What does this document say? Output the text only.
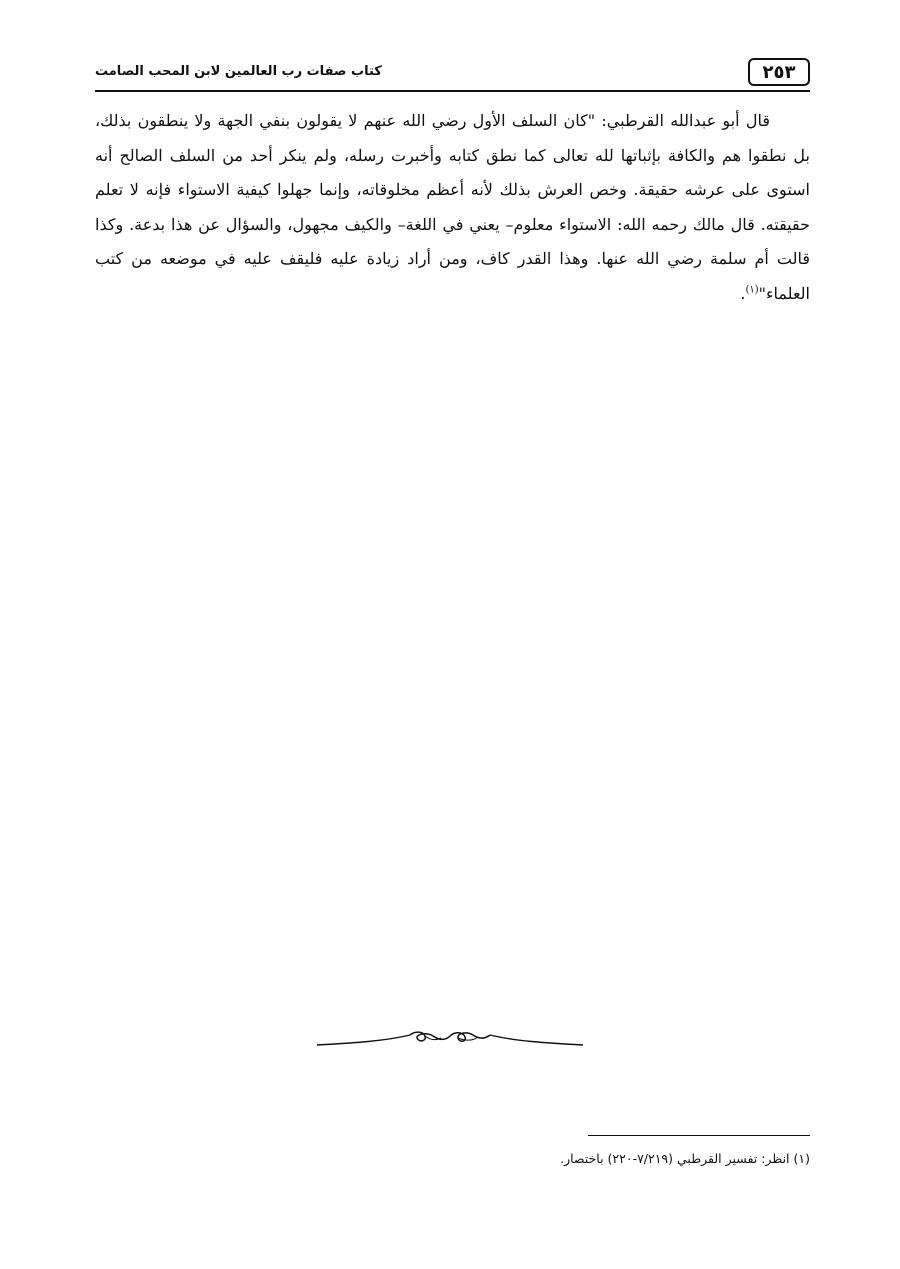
٢٥٣
كتاب صفات رب العالمين لابن المحب الصامت

قال أبو عبدالله القرطبي: "كان السلف الأول رضي الله عنهم لا يقولون بنفي الجهة ولا ينطقون بذلك، بل نطقوا هم والكافة بإثباتها لله تعالى كما نطق كتابه وأخبرت رسله، ولم ينكر أحد من السلف الصالح أنه استوى على عرشه حقيقة. وخص العرش بذلك لأنه أعظم مخلوقاته، وإنما جهلوا كيفية الاستواء فإنه لا تعلم حقيقته. قال مالك رحمه الله: الاستواء معلوم– يعني في اللغة– والكيف مجهول، والسؤال عن هذا بدعة. وكذا قالت أم سلمة رضي الله عنها. وهذا القدر كاف، ومن أراد زيادة عليه فليقف عليه في موضعه من كتب العلماء"$^{(١)}$.

(١) انظر: تفسير القرطبي (٧/٢١٩-٢٢٠) باختصار.
